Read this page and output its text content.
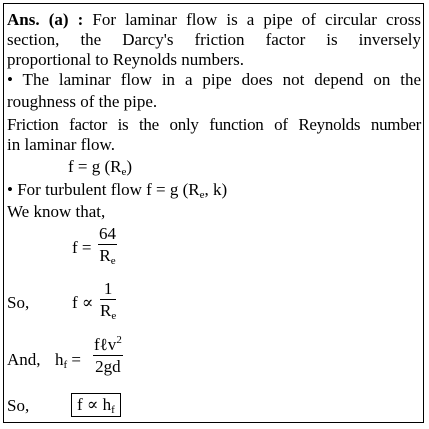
Ans. (a) : For laminar flow is a pipe of circular cross
section, the Darcy's friction factor is inversely
proportional to Reynolds numbers.
• The laminar flow in a pipe does not depend on the
roughness of the pipe.
Friction factor is the only function of Reynolds number
in laminar flow.
f = g $(R_e)$
• For turbulent flow f = g ($R_e$, k)
We know that,
$f = \frac{64}{R_e}$
So,	$f \propto \frac{1}{R_e}$
And, $h_f$ =
fℓv$^2$
2gd
So,	$f \propto h_f$
